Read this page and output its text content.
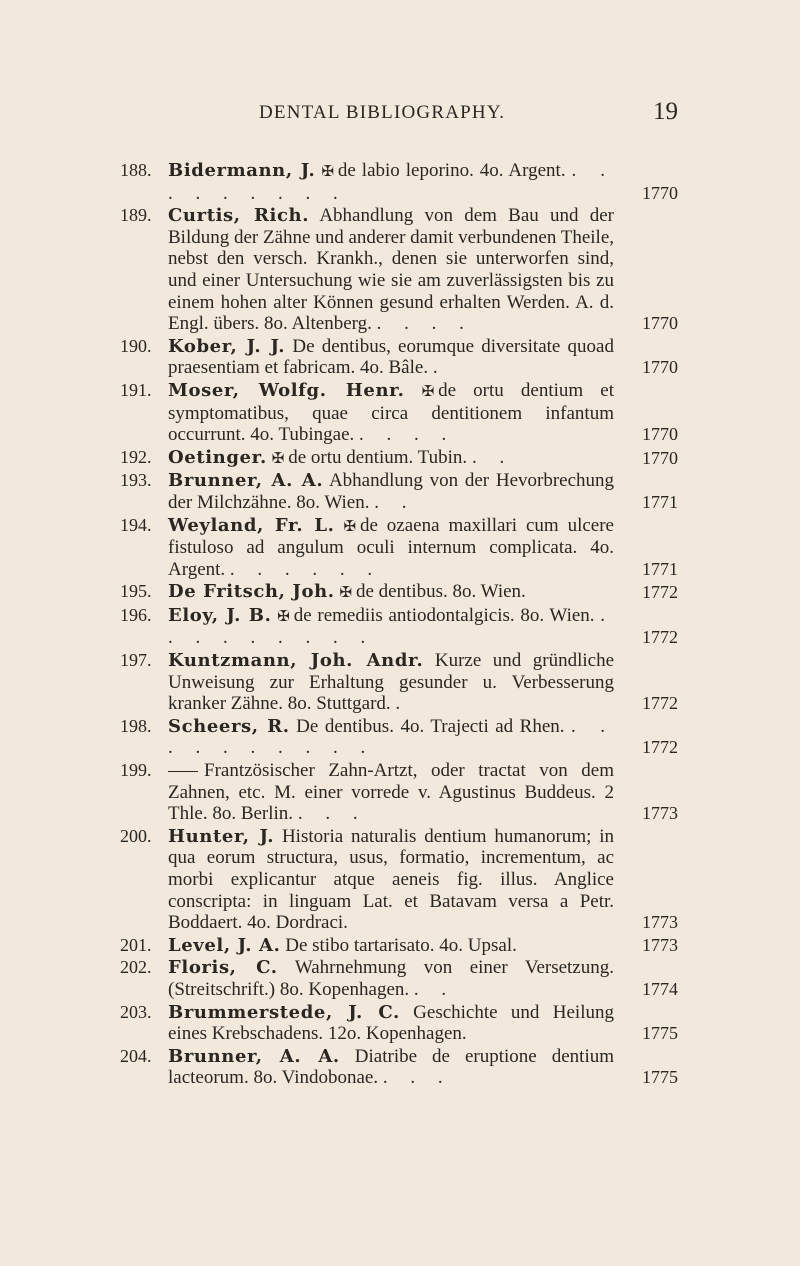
DENTAL BIBLIOGRAPHY.	19
188. Bidermann, J. ✠ de labio leporino. 4o. Argent. . . . . . . . . .	1770
189. Curtis, Rich. Abhandlung von dem Bau und der Bildung der Zähne und anderer damit verbundenen Theile, nebst den versch. Krankh., denen sie unterworfen sind, und einer Untersuchung wie sie am zuverlässigsten bis zu einem hohen alter Können gesund erhalten Werden. A. d. Engl. übers. 8o. Altenberg. . . . .	1770
190. Kober, J. J. De dentibus, eorumque diversitate quoad praesentiam et fabricam. 4o. Bâle. .	1770
191. Moser, Wolfg. Henr. ✠ de ortu dentium et symptomatibus, quae circa dentitionem infantum occurrunt. 4o. Tubingae. . . . .	1770
192. Oetinger. ✠ de ortu dentium. Tubin. . .	1770
193. Brunner, A. A. Abhandlung von der Hevorbrechung der Milchzähne. 8o. Wien. . .	1771
194. Weyland, Fr. L. ✠ de ozaena maxillari cum ulcere fistuloso ad angulum oculi internum complicata. 4o. Argent. . . . . . .	1771
195. De Fritsch, Joh. ✠ de dentibus. 8o. Wien.	1772
196. Eloy, J. B. ✠ de remediis antiodontalgicis. 8o. Wien. . . . . . . . . .	1772
197. Kuntzmann, Joh. Andr. Kurze und gründliche Unweisung zur Erhaltung gesunder u. Verbesserung kranker Zähne. 8o. Stuttgard. .	1772
198. Scheers, R. De dentibus. 4o. Trajecti ad Rhen. . . . . . . . . . .	1772
199.	Frantzösischer Zahn-Artzt, oder tractat von dem Zahnen, etc. M. einer vorrede v. Agustinus Buddeus. 2 Thle. 8o. Berlin. . . .	1773
200. Hunter, J. Historia naturalis dentium humanorum; in qua eorum structura, usus, formatio, incrementum, ac morbi explicantur atque aeneis fig. illus. Anglice conscripta: in linguam Lat. et Batavam versa a Petr. Boddaert. 4o. Dordraci.	1773
201. Level, J. A. De stibo tartarisato. 4o. Upsal.	1773
202. Floris, C. Wahrnehmung von einer Versetzung. (Streitschrift.) 8o. Kopenhagen. . .	1774
203. Brummerstede, J. C. Geschichte und Heilung eines Krebschadens. 12o. Kopenhagen.	1775
204. Brunner, A. A. Diatribe de eruptione dentium lacteorum. 8o. Vindobonae. . . .	1775
